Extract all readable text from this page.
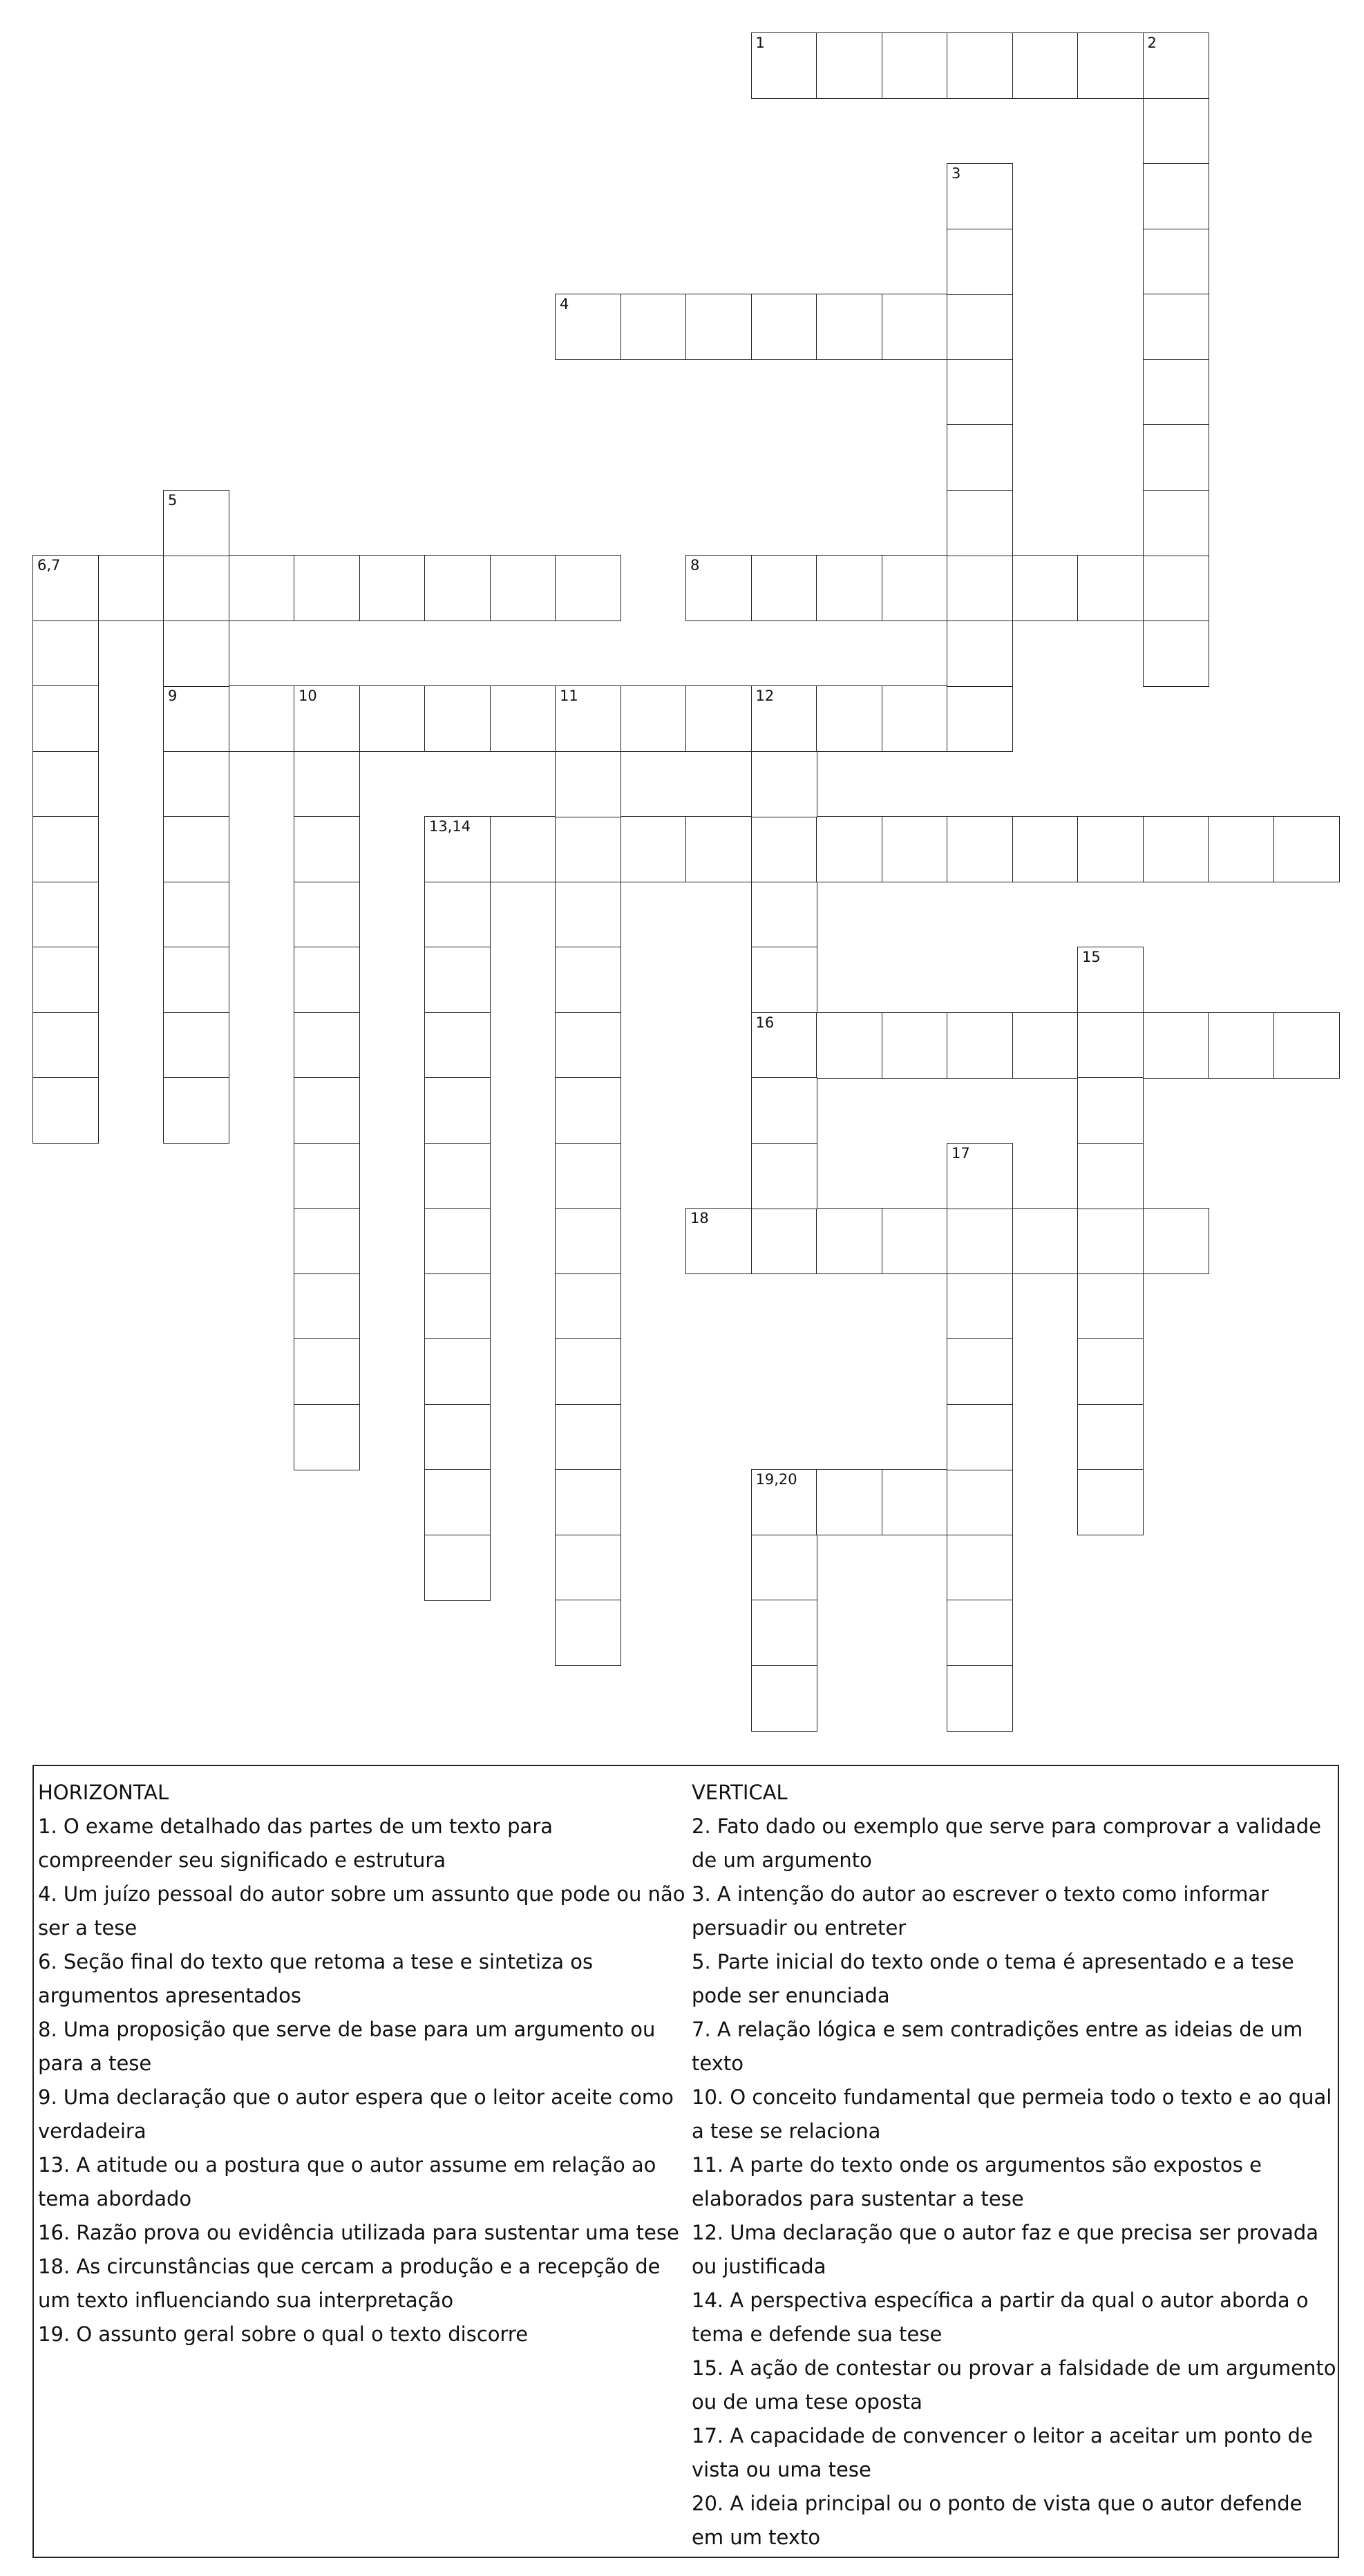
1	2
4
6,7	8
9	10	11	12
13,14
16
18
19,20
3
5
15
17
HORIZONTAL
1. O exame detalhado das partes de um texto para compreender seu significado e estrutura
4. Um juízo pessoal do autor sobre um assunto que pode ou não ser a tese
6. Seção final do texto que retoma a tese e sintetiza os argumentos apresentados
8. Uma proposição que serve de base para um argumento ou para a tese
9. Uma declaração que o autor espera que o leitor aceite como verdadeira
13. A atitude ou a postura que o autor assume em relação ao tema abordado
16. Razão prova ou evidência utilizada para sustentar uma tese
18. As circunstâncias que cercam a produção e a recepção de um texto influenciando sua interpretação
19. O assunto geral sobre o qual o texto discorre
VERTICAL
2. Fato dado ou exemplo que serve para comprovar a validade de um argumento
3. A intenção do autor ao escrever o texto como informar persuadir ou entreter
5. Parte inicial do texto onde o tema é apresentado e a tese pode ser enunciada
7. A relação lógica e sem contradições entre as ideias de um texto
10. O conceito fundamental que permeia todo o texto e ao qual a tese se relaciona
11. A parte do texto onde os argumentos são expostos e elaborados para sustentar a tese
12. Uma declaração que o autor faz e que precisa ser provada ou justificada
14. A perspectiva específica a partir da qual o autor aborda o tema e defende sua tese
15. A ação de contestar ou provar a falsidade de um argumento ou de uma tese oposta
17. A capacidade de convencer o leitor a aceitar um ponto de vista ou uma tese
20. A ideia principal ou o ponto de vista que o autor defende em um texto
